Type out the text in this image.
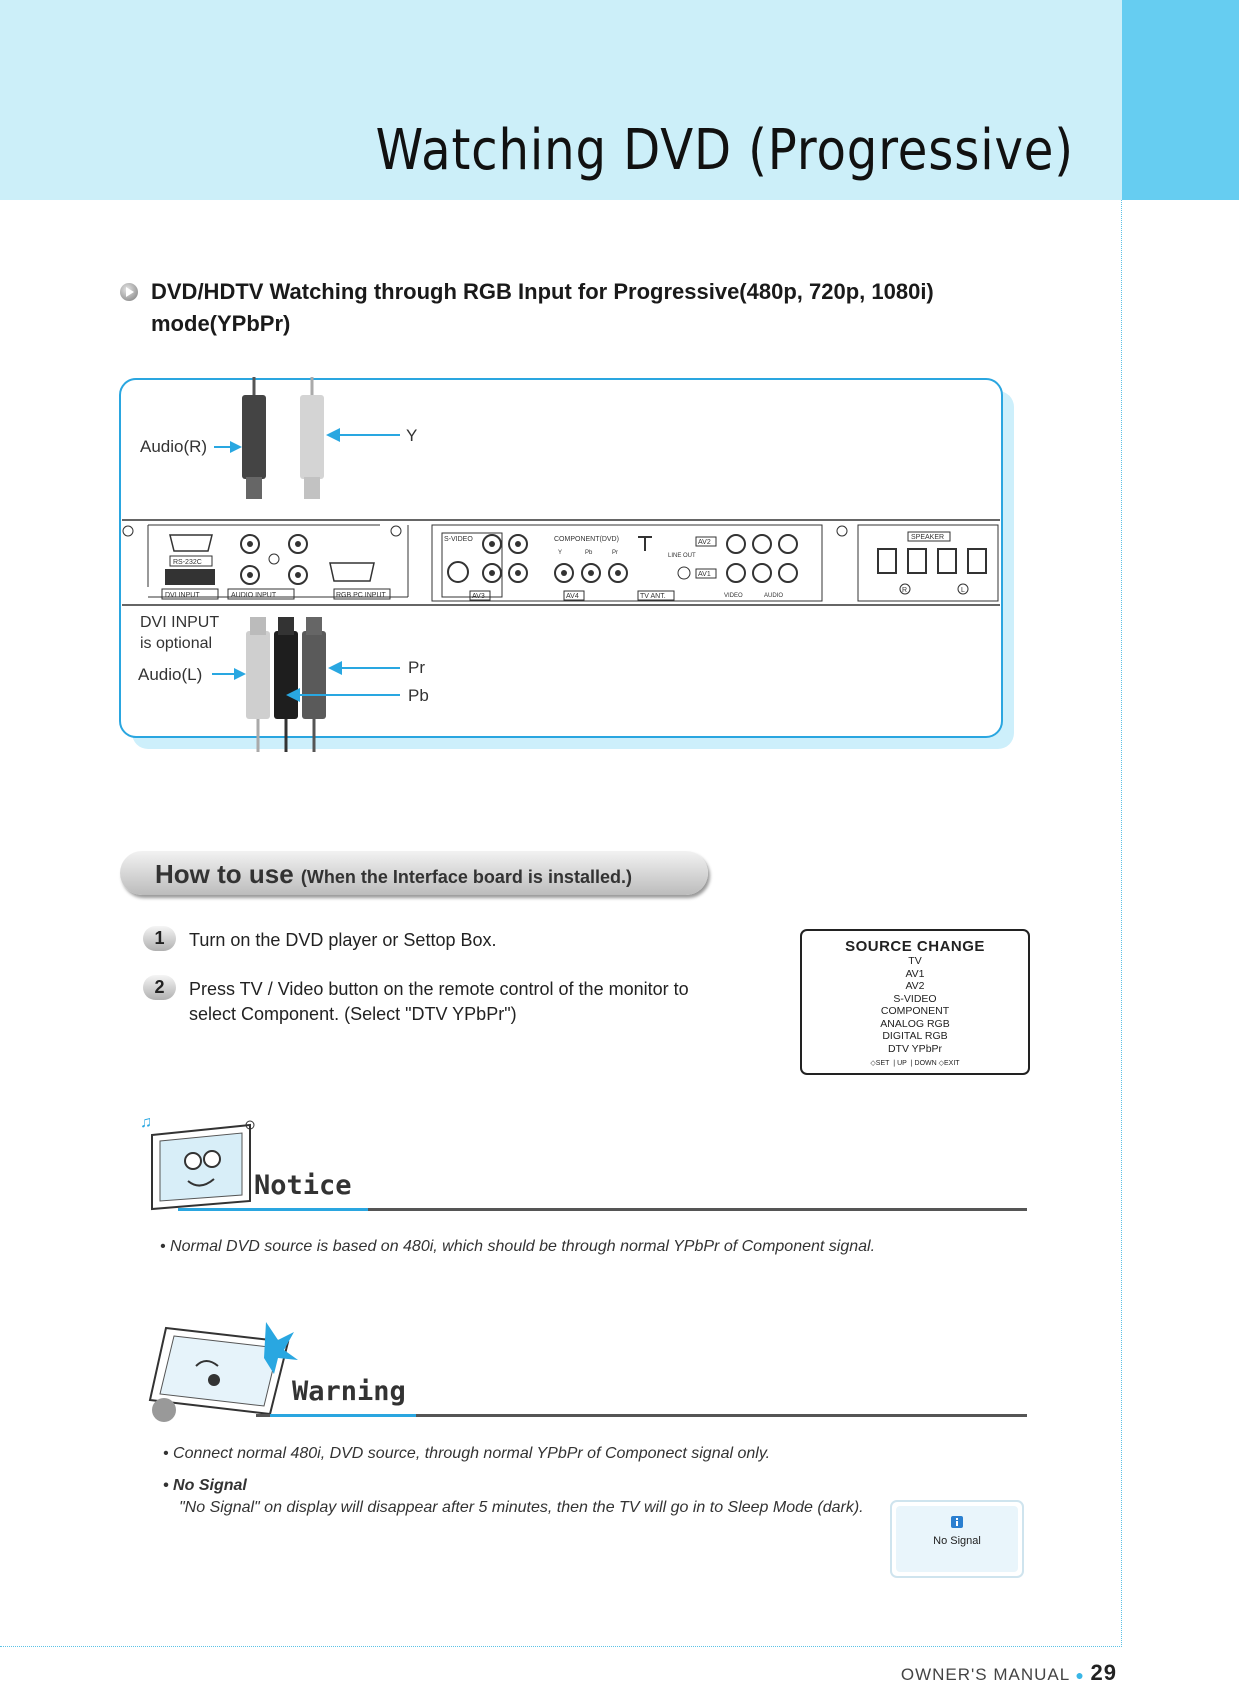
Watching DVD (Progressive)
DVD/HDTV Watching through RGB Input for Progressive(480p, 720p, 1080i) mode(YPbPr)
Audio(R)
Y
RS-232C
DVI INPUT	AUDIO INPUT	RGB PC INPUT
S-VIDEO	COMPONENT(DVD)
Y	Pb	Pr
AV3	AV4	TV ANT.
LINE OUT
AV2
AV1
VIDEO	AUDIO
SPEAKER
R	L
DVI INPUT
is optional
Audio(L)	Pr
Pb
How to use (When the Interface board is installed.)
1	Turn on the DVD player or Settop Box.
2	Press TV / Video button on the remote control of the monitor to select Component. (Select "DTV YPbPr")
SOURCE CHANGE
TV
AV1
AV2
S-VIDEO
COMPONENT
ANALOG RGB
DIGITAL RGB
DTV YPbPr
◇SET ❘UP ❘DOWN ◇EXIT
♫
Notice
• Normal DVD source is based on 480i, which should be through normal YPbPr of Component signal.
Warning
• Connect normal 480i, DVD source, through normal YPbPr of Componect signal only.
• No Signal
"No Signal" on display will disappear after 5 minutes, then the TV will go in to Sleep Mode (dark).
No Signal
OWNER'S MANUAL ● 29
